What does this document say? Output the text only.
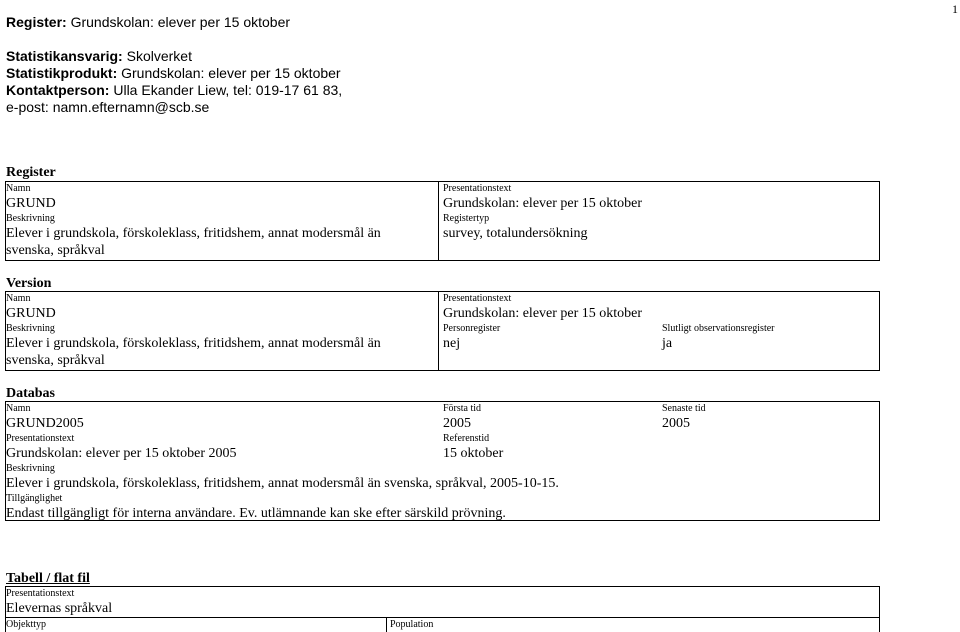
1
Register: Grundskolan: elever per 15 oktober
Statistikansvarig: Skolverket
Statistikprodukt: Grundskolan: elever per 15 oktober
Kontaktperson: Ulla Ekander Liew, tel: 019-17 61 83,
e-post: namn.efternamn@scb.se
Register
Namn
GRUND
Beskrivning
Elever i grundskola, förskoleklass, fritidshem, annat modersmål än
svenska, språkval
Presentationstext
Grundskolan: elever per 15 oktober
Registertyp
survey, totalundersökning
Version
Namn
GRUND
Beskrivning
Elever i grundskola, förskoleklass, fritidshem, annat modersmål än
svenska, språkval
Presentationstext
Grundskolan: elever per 15 oktober
Personregister
nej
Slutligt observationsregister
ja
Databas
Namn
GRUND2005
Första tid
2005
Senaste tid
2005
Presentationstext
Grundskolan: elever per 15 oktober 2005
Referenstid
15 oktober
Beskrivning
Elever i grundskola, förskoleklass, fritidshem, annat modersmål än svenska, språkval, 2005-10-15.
Tillgänglighet
Endast tillgängligt för interna användare. Ev. utlämnande kan ske efter särskild prövning.
Tabell / flat fil
Presentationstext
Elevernas språkval
Objekttyp	Population
